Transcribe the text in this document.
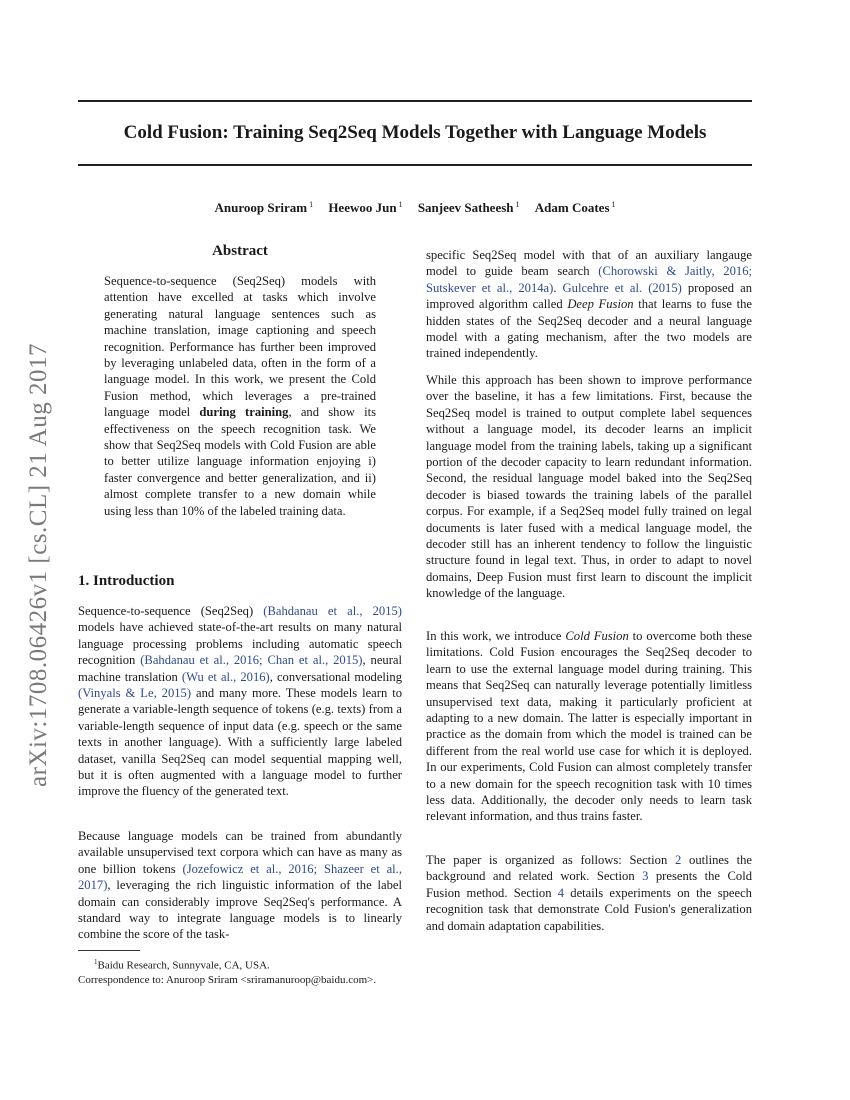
arXiv:1708.06426v1 [cs.CL] 21 Aug 2017
Cold Fusion: Training Seq2Seq Models Together with Language Models
Anuroop Sriram $^1$ Heewoo Jun $^1$ Sanjeev Satheesh $^1$ Adam Coates $^1$
Abstract

Sequence-to-sequence (Seq2Seq) models with attention have excelled at tasks which involve generating natural language sentences such as machine translation, image captioning and speech recognition. Performance has further been improved by leveraging unlabeled data, often in the form of a language model. In this work, we present the Cold Fusion method, which leverages a pre-trained language model during training, and show its effectiveness on the speech recognition task. We show that Seq2Seq models with Cold Fusion are able to better utilize language information enjoying i) faster convergence and better generalization, and ii) almost complete transfer to a new domain while using less than 10% of the labeled training data.

1. Introduction

Sequence-to-sequence (Seq2Seq) (Bahdanau et al., 2015) models have achieved state-of-the-art results on many natural language processing problems including automatic speech recognition (Bahdanau et al., 2016; Chan et al., 2015), neural machine translation (Wu et al., 2016), conversational modeling (Vinyals & Le, 2015) and many more. These models learn to generate a variable-length sequence of tokens (e.g. texts) from a variable-length sequence of input data (e.g. speech or the same texts in another language). With a sufficiently large labeled dataset, vanilla Seq2Seq can model sequential mapping well, but it is often augmented with a language model to further improve the fluency of the generated text.

Because language models can be trained from abundantly available unsupervised text corpora which can have as many as one billion tokens (Jozefowicz et al., 2016; Shazeer et al., 2017), leveraging the rich linguistic information of the label domain can considerably improve Seq2Seq's performance. A standard way to integrate language models is to linearly combine the score of the task-

specific Seq2Seq model with that of an auxiliary langauge model to guide beam search (Chorowski & Jaitly, 2016; Sutskever et al., 2014a). Gulcehre et al. (2015) proposed an improved algorithm called Deep Fusion that learns to fuse the hidden states of the Seq2Seq decoder and a neural language model with a gating mechanism, after the two models are trained independently.

While this approach has been shown to improve performance over the baseline, it has a few limitations. First, because the Seq2Seq model is trained to output complete label sequences without a language model, its decoder learns an implicit language model from the training labels, taking up a significant portion of the decoder capacity to learn redundant information. Second, the residual language model baked into the Seq2Seq decoder is biased towards the training labels of the parallel corpus. For example, if a Seq2Seq model fully trained on legal documents is later fused with a medical language model, the decoder still has an inherent tendency to follow the linguistic structure found in legal text. Thus, in order to adapt to novel domains, Deep Fusion must first learn to discount the implicit knowledge of the language.

In this work, we introduce Cold Fusion to overcome both these limitations. Cold Fusion encourages the Seq2Seq decoder to learn to use the external language model during training. This means that Seq2Seq can naturally leverage potentially limitless unsupervised text data, making it particularly proficient at adapting to a new domain. The latter is especially important in practice as the domain from which the model is trained can be different from the real world use case for which it is deployed. In our experiments, Cold Fusion can almost completely transfer to a new domain for the speech recognition task with 10 times less data. Additionally, the decoder only needs to learn task relevant information, and thus trains faster.

The paper is organized as follows: Section 2 outlines the background and related work. Section 3 presents the Cold Fusion method. Section 4 details experiments on the speech recognition task that demonstrate Cold Fusion's generalization and domain adaptation capabilities.

$^1$Baidu Research, Sunnyvale, CA, USA.
Correspondence to: Anuroop Sriram <sriramanuroop@baidu.com>.
